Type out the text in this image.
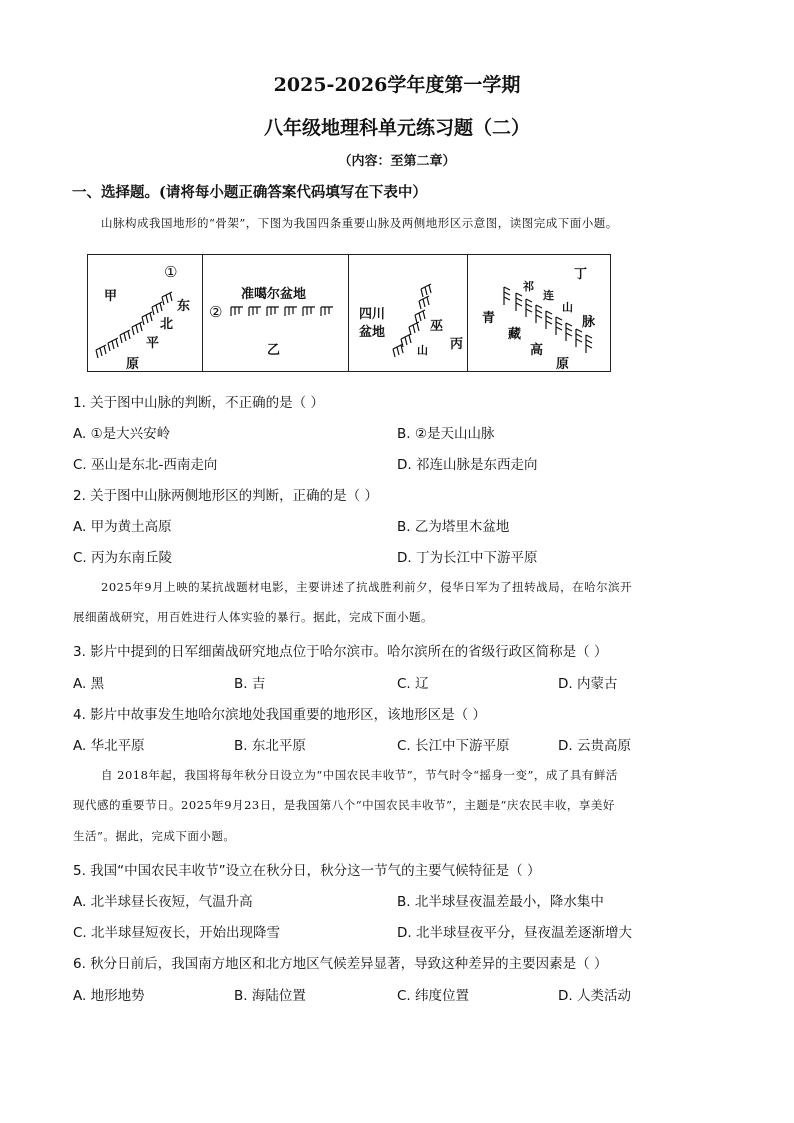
2025-2026学年度第一学期
八年级地理科单元练习题（二）
（内容：至第二章）
一、选择题。(请将每小题正确答案代码填写在下表中）
山脉构成我国地形的“骨架”，下图为我国四条重要山脉及两侧地形区示意图，读图完成下面小题。
①
甲
东
北
平
原
准噶尔盆地
②
乙
四川
盆地	巫
山 丙
丁
祁
连
山
脉
青
藏
高
原
1. 关于图中山脉的判断，不正确的是（ ）
A. ①是大兴安岭	B. ②是天山山脉
C. 巫山是东北-西南走向	D. 祁连山脉是东西走向
2. 关于图中山脉两侧地形区的判断，正确的是（ ）
A. 甲为黄土高原	B. 乙为塔里木盆地
C. 丙为东南丘陵	D. 丁为长江中下游平原
2025年9月上映的某抗战题材电影，主要讲述了抗战胜利前夕，侵华日军为了扭转战局，在哈尔滨开
展细菌战研究，用百姓进行人体实验的暴行。据此，完成下面小题。
3. 影片中提到的日军细菌战研究地点位于哈尔滨市。哈尔滨所在的省级行政区简称是（ ）
A. 黑	B. 吉	C. 辽	D. 内蒙古
4. 影片中故事发生地哈尔滨地处我国重要的地形区，该地形区是（ ）
A. 华北平原	B. 东北平原	C. 长江中下游平原	D. 云贵高原
自 2018年起，我国将每年秋分日设立为“中国农民丰收节”，节气时令“摇身一变”，成了具有鲜活
现代感的重要节日。2025年9月23日，是我国第八个“中国农民丰收节”，主题是“庆农民丰收，享美好
生活”。据此，完成下面小题。
5. 我国“中国农民丰收节”设立在秋分日，秋分这一节气的主要气候特征是（ ）
A. 北半球昼长夜短，气温升高	B. 北半球昼夜温差最小，降水集中
C. 北半球昼短夜长，开始出现降雪	D. 北半球昼夜平分，昼夜温差逐渐增大
6. 秋分日前后，我国南方地区和北方地区气候差异显著，导致这种差异的主要因素是（ ）
A. 地形地势	B. 海陆位置	C. 纬度位置	D. 人类活动
